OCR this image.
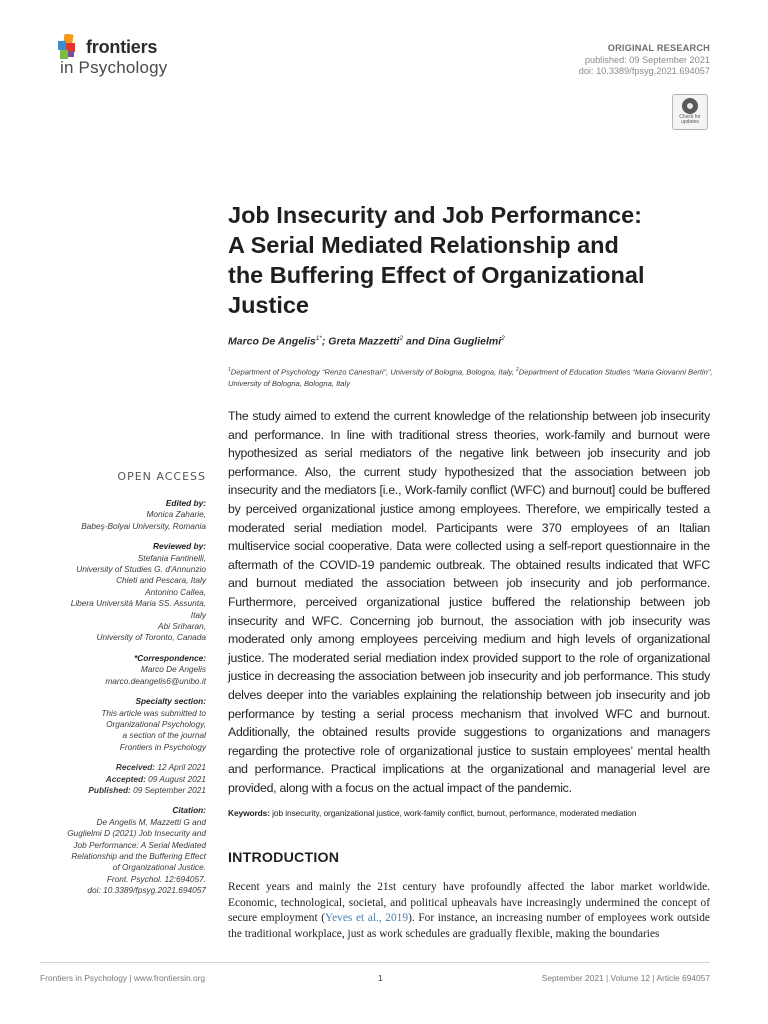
frontiers
in Psychology
ORIGINAL RESEARCH
published: 09 September 2021
doi: 10.3389/fpsyg.2021.694057
Check for
updates
Job Insecurity and Job Performance:
A Serial Mediated Relationship and
the Buffering Effect of Organizational
Justice
Marco De Angelis$^{1*}$; Greta Mazzetti$^2$ and Dina Guglielmi$^2$
$^1$Department of Psychology “Renzo Canestrari”, University of Bologna, Bologna, Italy, $^2$Department of Education Studies “Maria Giovanni Bertin”, University of Bologna, Bologna, Italy
The study aimed to extend the current knowledge of the relationship between job insecurity and performance. In line with traditional stress theories, work-family and burnout were hypothesized as serial mediators of the negative link between job insecurity and job performance. Also, the current study hypothesized that the association between job insecurity and the mediators [i.e., Work-family conflict (WFC) and burnout] could be buffered by perceived organizational justice among employees. Therefore, we empirically tested a moderated serial mediation model. Participants were 370 employees of an Italian multiservice social cooperative. Data were collected using a self-report questionnaire in the aftermath of the COVID-19 pandemic outbreak. The obtained results indicated that WFC and burnout mediated the association between job insecurity and job performance. Furthermore, perceived organizational justice buffered the relationship between job insecurity and WFC. Concerning job burnout, the association with job insecurity was moderated only among employees perceiving medium and high levels of organizational justice. The moderated serial mediation index provided support to the role of organizational justice in decreasing the association between job insecurity and job performance. This study delves deeper into the variables explaining the relationship between job insecurity and job performance by testing a serial process mechanism that involved WFC and burnout. Additionally, the obtained results provide suggestions to organizations and managers regarding the protective role of organizational justice to sustain employees’ mental health and performance. Practical implications at the organizational and managerial level are provided, along with a focus on the actual impact of the pandemic.
Keywords: job insecurity, organizational justice, work-family conflict, burnout, performance, moderated mediation
OPEN ACCESS
Edited by:
Monica Zaharie,
Babeş-Bolyai University, Romania
Reviewed by:
Stefania Fantinelli,
University of Studies G. d'Annunzio
Chieti and Pescara, Italy
Antonino Callea,
Libera Università Maria SS. Assunta,
Italy
Abi Sriharan,
University of Toronto, Canada
*Correspondence:
Marco De Angelis
marco.deangelis6@unibo.it
Specialty section:
This article was submitted to
Organizational Psychology,
a section of the journal
Frontiers in Psychology
Received: 12 April 2021
Accepted: 09 August 2021
Published: 09 September 2021
Citation:
De Angelis M, Mazzetti G and
Guglielmi D (2021) Job Insecurity and
Job Performance: A Serial Mediated
Relationship and the Buffering Effect
of Organizational Justice.
Front. Psychol. 12:694057.
doi: 10.3389/fpsyg.2021.694057
INTRODUCTION
Recent years and mainly the 21st century have profoundly affected the labor market worldwide. Economic, technological, societal, and political upheavals have increasingly undermined the concept of secure employment (Yeves et al., 2019). For instance, an increasing number of employees work outside the traditional workplace, just as work schedules are gradually flexible, making the boundaries
Frontiers in Psychology | www.frontiersin.org	1	September 2021 | Volume 12 | Article 694057
